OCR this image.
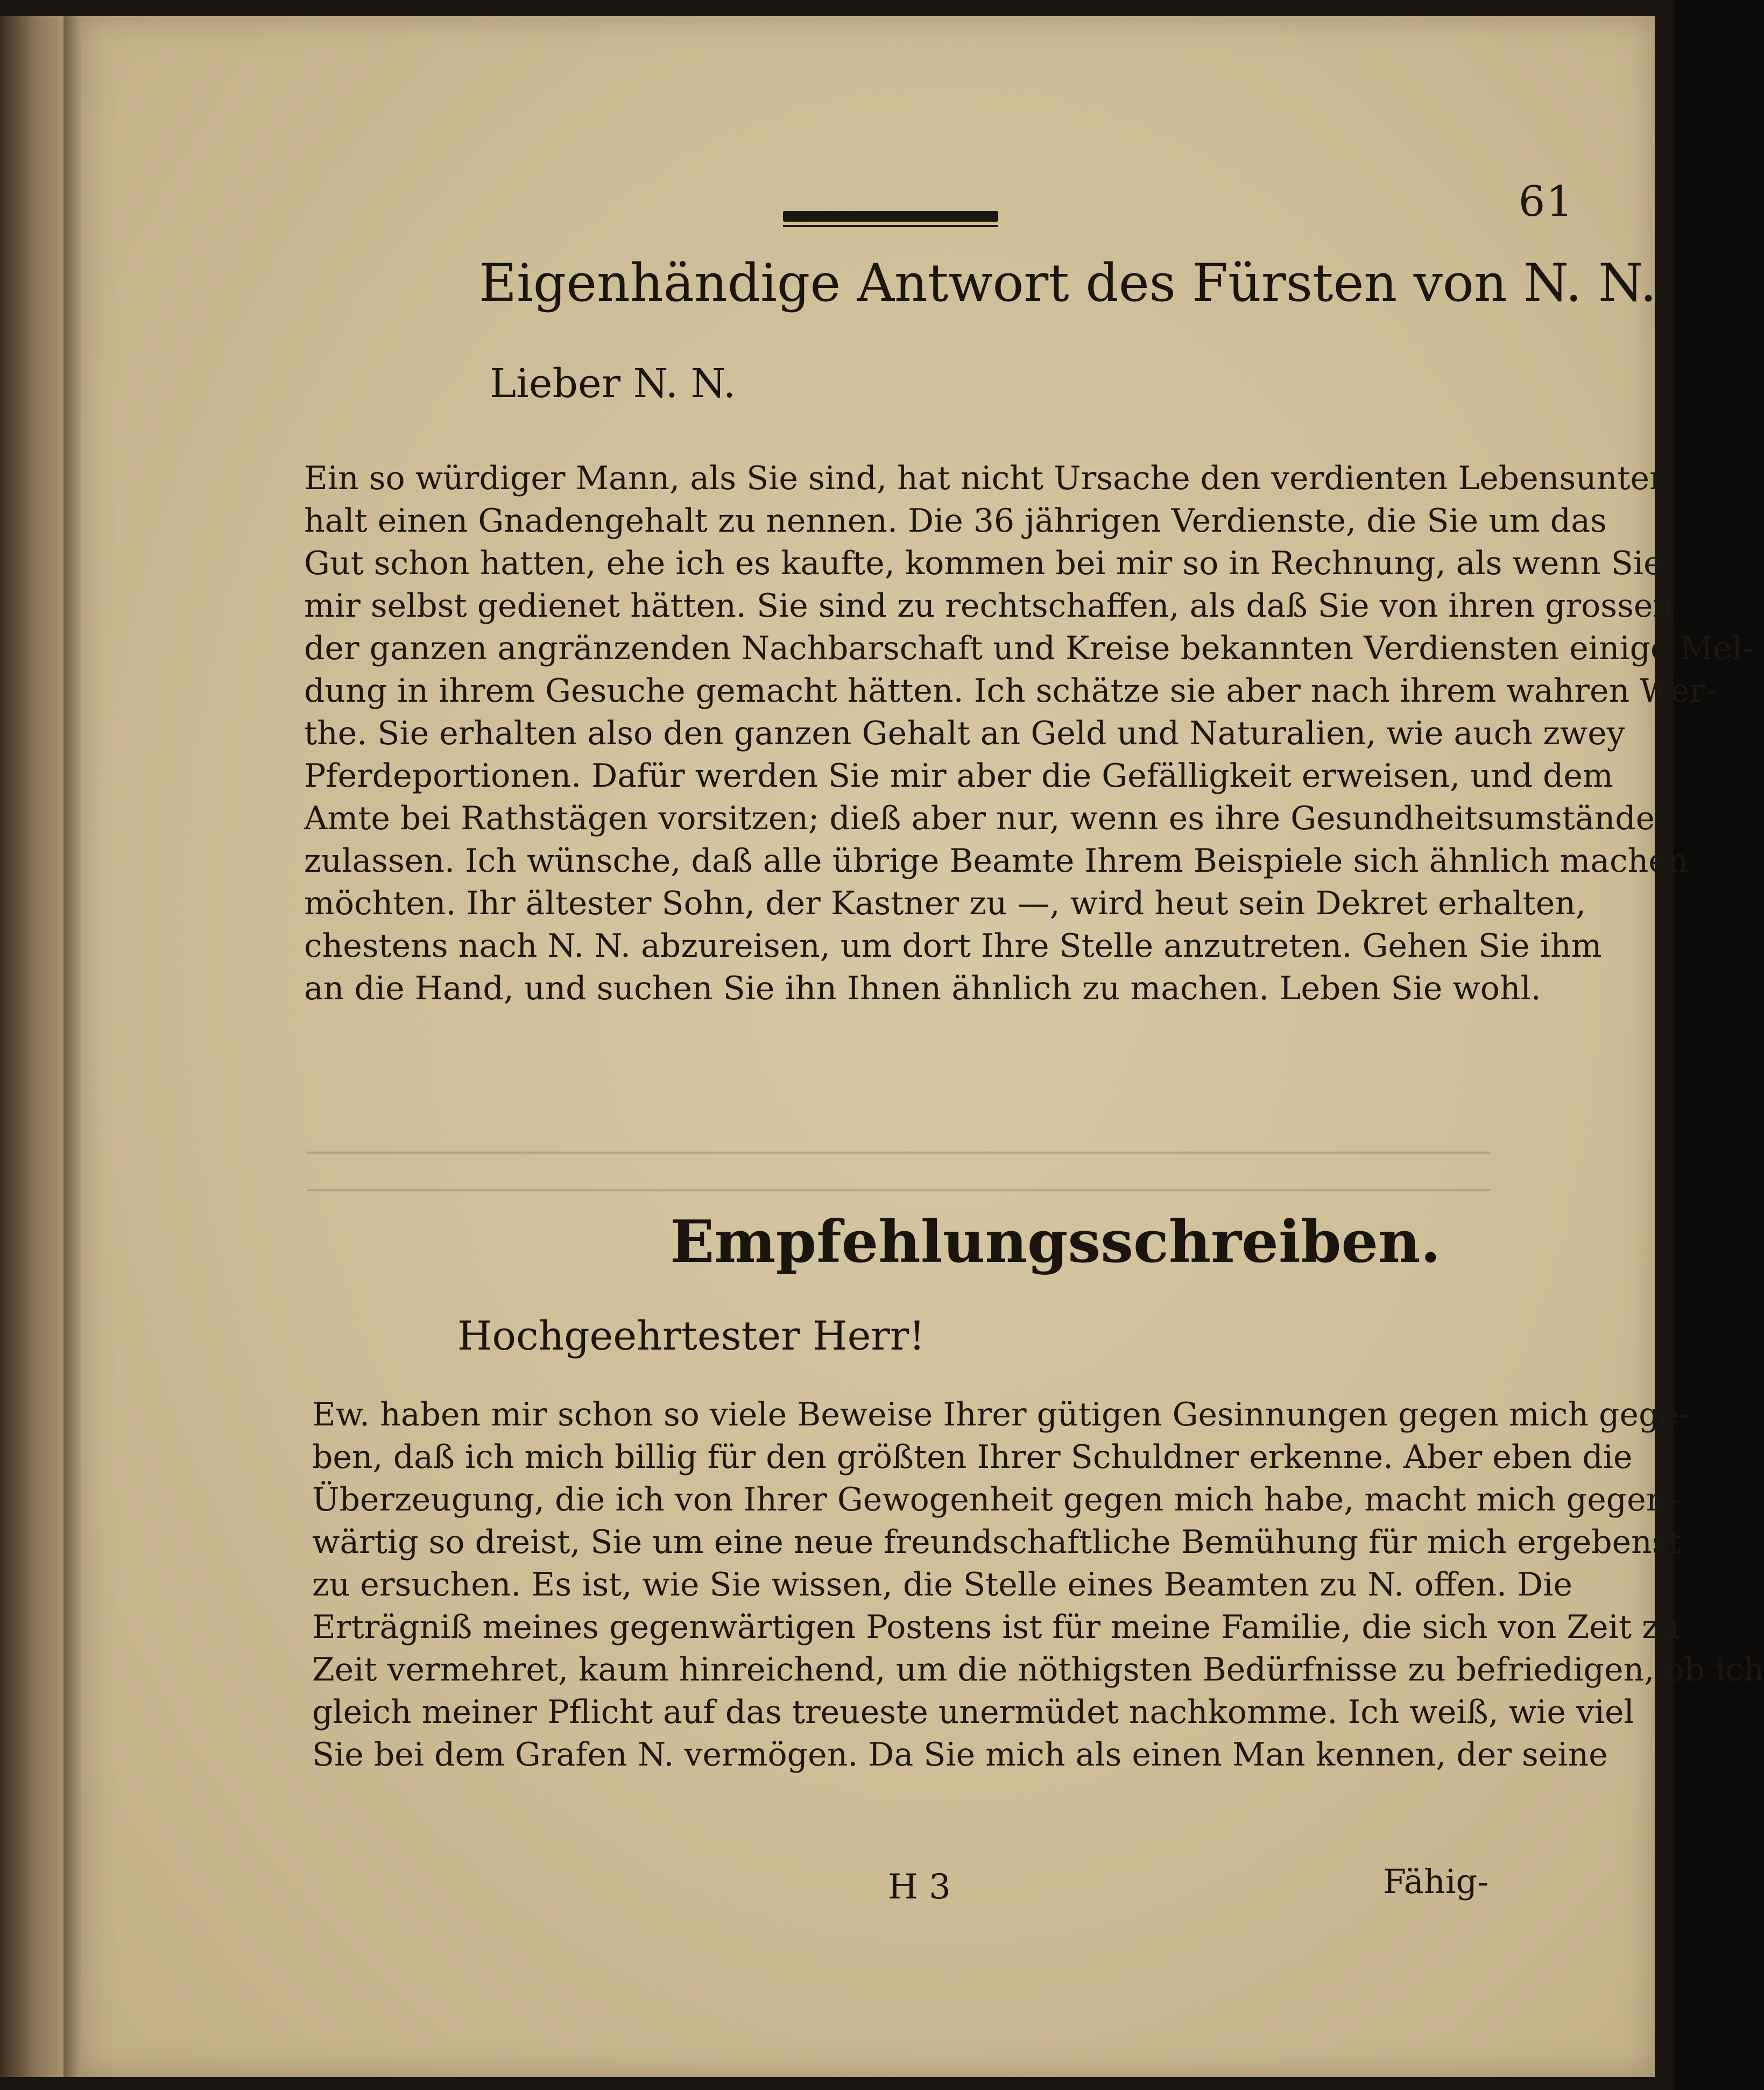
61
Eigenhändige Antwort des Fürsten von N. N.
Lieber N. N.
Ein so würdiger Mann, als Sie sind, hat nicht Ursache den verdienten Lebensunter-
halt einen Gnadengehalt zu nennen. Die 36 jährigen Verdienste, die Sie um das
Gut schon hatten, ehe ich es kaufte, kommen bei mir so in Rechnung, als wenn Sie
mir selbst gedienet hätten. Sie sind zu rechtschaffen, als daß Sie von ihren grossen
der ganzen angränzenden Nachbarschaft und Kreise bekannten Verdiensten einige Mel-
dung in ihrem Gesuche gemacht hätten. Ich schätze sie aber nach ihrem wahren Wer-
the. Sie erhalten also den ganzen Gehalt an Geld und Naturalien, wie auch zwey
Pferdeportionen. Dafür werden Sie mir aber die Gefälligkeit erweisen, und dem
Amte bei Rathstägen vorsitzen; dieß aber nur, wenn es ihre Gesundheitsumstände
zulassen. Ich wünsche, daß alle übrige Beamte Ihrem Beispiele sich ähnlich machen
möchten. Ihr ältester Sohn, der Kastner zu —, wird heut sein Dekret erhalten,
chestens nach N. N. abzureisen, um dort Ihre Stelle anzutreten. Gehen Sie ihm
an die Hand, und suchen Sie ihn Ihnen ähnlich zu machen. Leben Sie wohl.
Empfehlungsschreiben.
Hochgeehrtester Herr!
Ew. haben mir schon so viele Beweise Ihrer gütigen Gesinnungen gegen mich gege-
ben, daß ich mich billig für den größten Ihrer Schuldner erkenne. Aber eben die
Überzeugung, die ich von Ihrer Gewogenheit gegen mich habe, macht mich gegen-
wärtig so dreist, Sie um eine neue freundschaftliche Bemühung für mich ergebenst
zu ersuchen. Es ist, wie Sie wissen, die Stelle eines Beamten zu N. offen. Die
Erträgniß meines gegenwärtigen Postens ist für meine Familie, die sich von Zeit zu
Zeit vermehret, kaum hinreichend, um die nöthigsten Bedürfnisse zu befriedigen, ob ich
gleich meiner Pflicht auf das treueste unermüdet nachkomme. Ich weiß, wie viel
Sie bei dem Grafen N. vermögen. Da Sie mich als einen Man kennen, der seine
H 3	Fähig-
